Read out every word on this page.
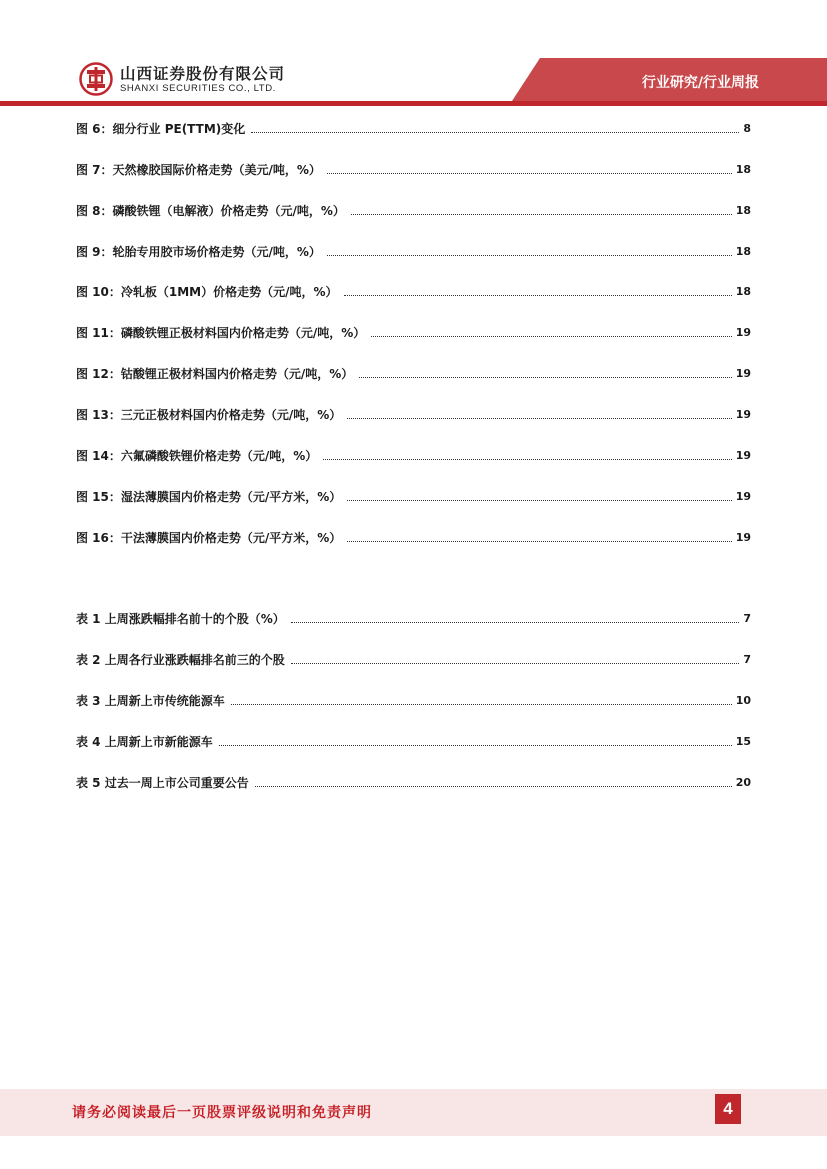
山西证券股份有限公司
SHANXI SECURITIES CO., LTD.	行业研究/行业周报
图 6：细分行业 PE(TTM)变化	8
图 7：天然橡胶国际价格走势（美元/吨，%）	18
图 8：磷酸铁锂（电解液）价格走势（元/吨，%）	18
图 9：轮胎专用胶市场价格走势（元/吨，%）	18
图 10：冷轧板（1MM）价格走势（元/吨，%）	18
图 11：磷酸铁锂正极材料国内价格走势（元/吨，%）	19
图 12：钴酸锂正极材料国内价格走势（元/吨，%）	19
图 13：三元正极材料国内价格走势（元/吨，%）	19
图 14：六氟磷酸铁锂价格走势（元/吨，%）	19
图 15：湿法薄膜国内价格走势（元/平方米，%）	19
图 16：干法薄膜国内价格走势（元/平方米，%）	19
表 1 上周涨跌幅排名前十的个股（%）	7
表 2 上周各行业涨跌幅排名前三的个股	7
表 3 上周新上市传统能源车	10
表 4 上周新上市新能源车	15
表 5 过去一周上市公司重要公告	20
请务必阅读最后一页股票评级说明和免责声明	4
